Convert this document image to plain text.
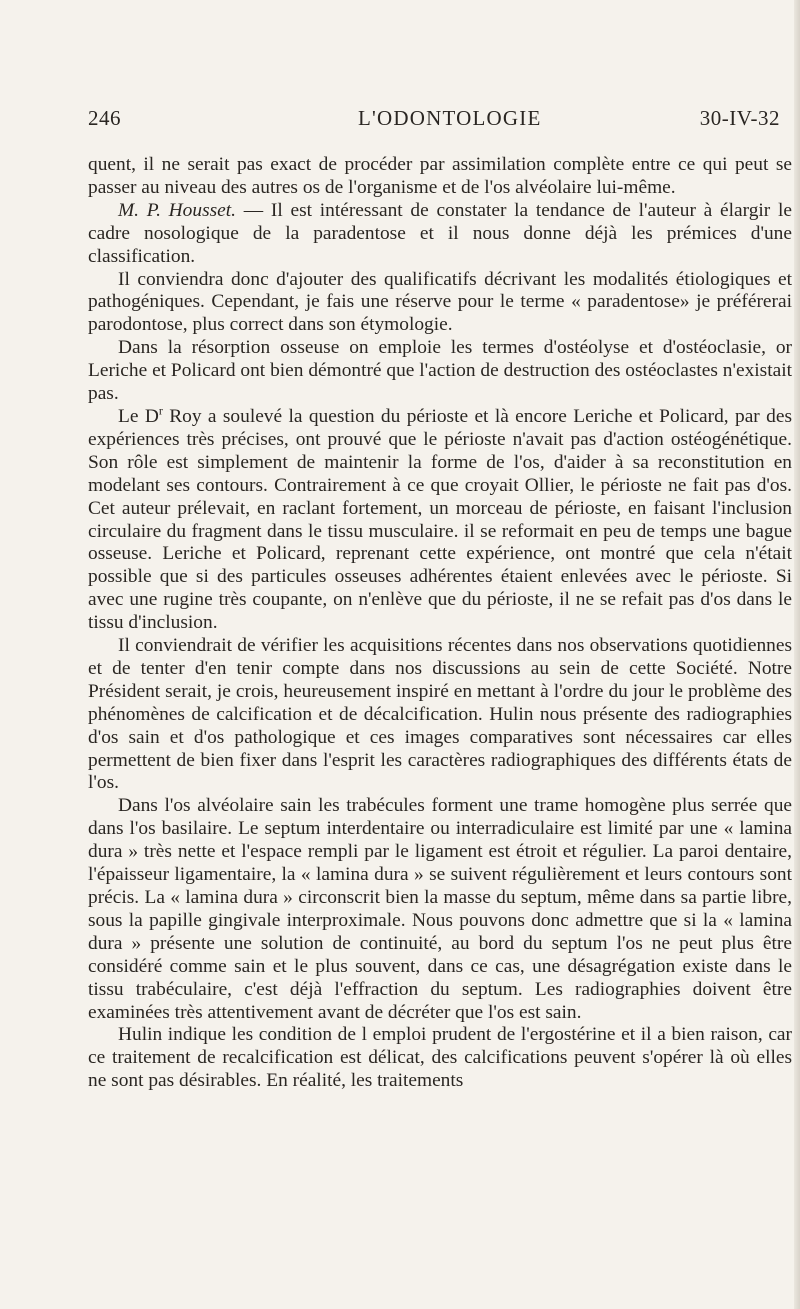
246	L'ODONTOLOGIE	30-IV-32

quent, il ne serait pas exact de procéder par assimilation complète entre ce qui peut se passer au niveau des autres os de l'organisme et de l'os alvéolaire lui-même.

M. P. Housset. — Il est intéressant de constater la tendance de l'auteur à élargir le cadre nosologique de la paradentose et il nous donne déjà les prémices d'une classification.

Il conviendra donc d'ajouter des qualificatifs décrivant les modalités étiologiques et pathogéniques. Cependant, je fais une réserve pour le terme « paradentose» je préférerai parodontose, plus correct dans son étymologie.

Dans la résorption osseuse on emploie les termes d'ostéolyse et d'ostéoclasie, or Leriche et Policard ont bien démontré que l'action de destruction des ostéoclastes n'existait pas.

Le $D^r$ Roy a soulevé la question du périoste et là encore Leriche et Policard, par des expériences très précises, ont prouvé que le périoste n'avait pas d'action ostéogénétique. Son rôle est simplement de maintenir la forme de l'os, d'aider à sa reconstitution en modelant ses contours. Contrairement à ce que croyait Ollier, le périoste ne fait pas d'os. Cet auteur prélevait, en raclant fortement, un morceau de périoste, en faisant l'inclusion circulaire du fragment dans le tissu musculaire. il se reformait en peu de temps une bague osseuse. Leriche et Policard, reprenant cette expérience, ont montré que cela n'était possible que si des particules osseuses adhérentes étaient enlevées avec le périoste. Si avec une rugine très coupante, on n'enlève que du périoste, il ne se refait pas d'os dans le tissu d'inclusion.

Il conviendrait de vérifier les acquisitions récentes dans nos observations quotidiennes et de tenter d'en tenir compte dans nos discussions au sein de cette Société. Notre Président serait, je crois, heureusement inspiré en mettant à l'ordre du jour le problème des phénomènes de calcification et de décalcification. Hulin nous présente des radiographies d'os sain et d'os pathologique et ces images comparatives sont nécessaires car elles permettent de bien fixer dans l'esprit les caractères radiographiques des différents états de l'os.

Dans l'os alvéolaire sain les trabécules forment une trame homogène plus serrée que dans l'os basilaire. Le septum interdentaire ou interradiculaire est limité par une « lamina dura » très nette et l'espace rempli par le ligament est étroit et régulier. La paroi dentaire, l'épaisseur ligamentaire, la « lamina dura » se suivent régulièrement et leurs contours sont précis. La « lamina dura » circonscrit bien la masse du septum, même dans sa partie libre, sous la papille gingivale interproximale. Nous pouvons donc admettre que si la « lamina dura » présente une solution de continuité, au bord du septum l'os ne peut plus être considéré comme sain et le plus souvent, dans ce cas, une désagrégation existe dans le tissu trabéculaire, c'est déjà l'effraction du septum. Les radiographies doivent être examinées très attentivement avant de décréter que l'os est sain.

Hulin indique les condition de l emploi prudent de l'ergostérine et il a bien raison, car ce traitement de recalcification est délicat, des calcifications peuvent s'opérer là où elles ne sont pas désirables. En réalité, les traitements
